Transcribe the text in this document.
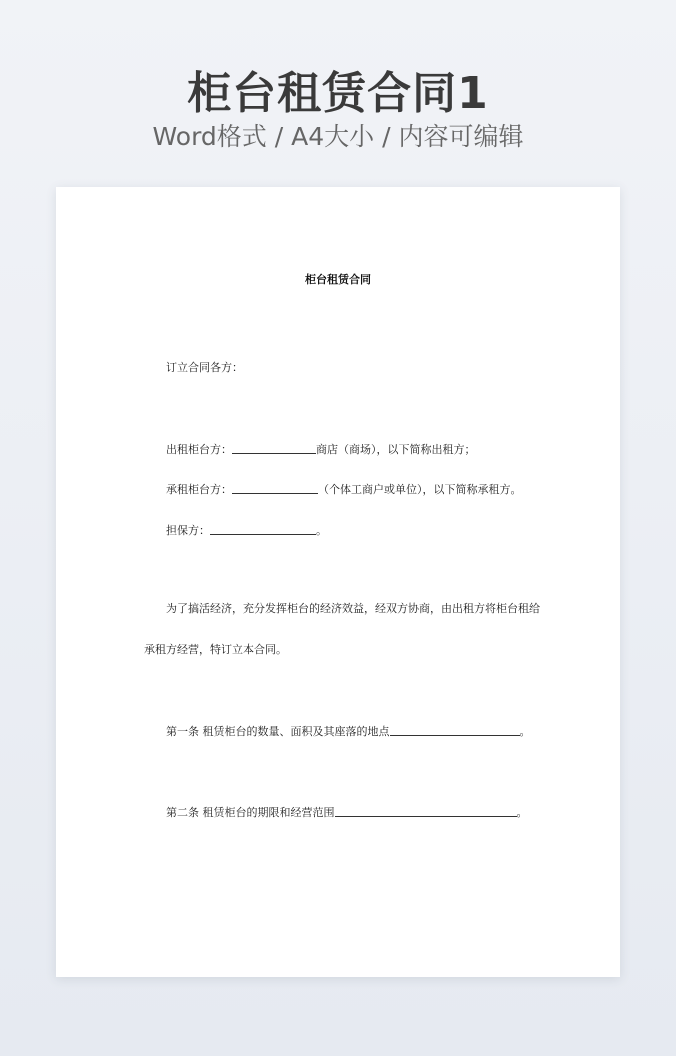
柜台租赁合同1
Word格式 / A4大小 / 内容可编辑
柜台租赁合同
订立合同各方：
出租柜台方：	商店（商场），以下简称出租方；
承租柜台方：	（个体工商户或单位），以下简称承租方。
担保方：	。
为了搞活经济，充分发挥柜台的经济效益，经双方协商，由出租方将柜台租给
承租方经营，特订立本合同。
第一条 租赁柜台的数量、面积及其座落的地点	。
第二条 租赁柜台的期限和经营范围	。
